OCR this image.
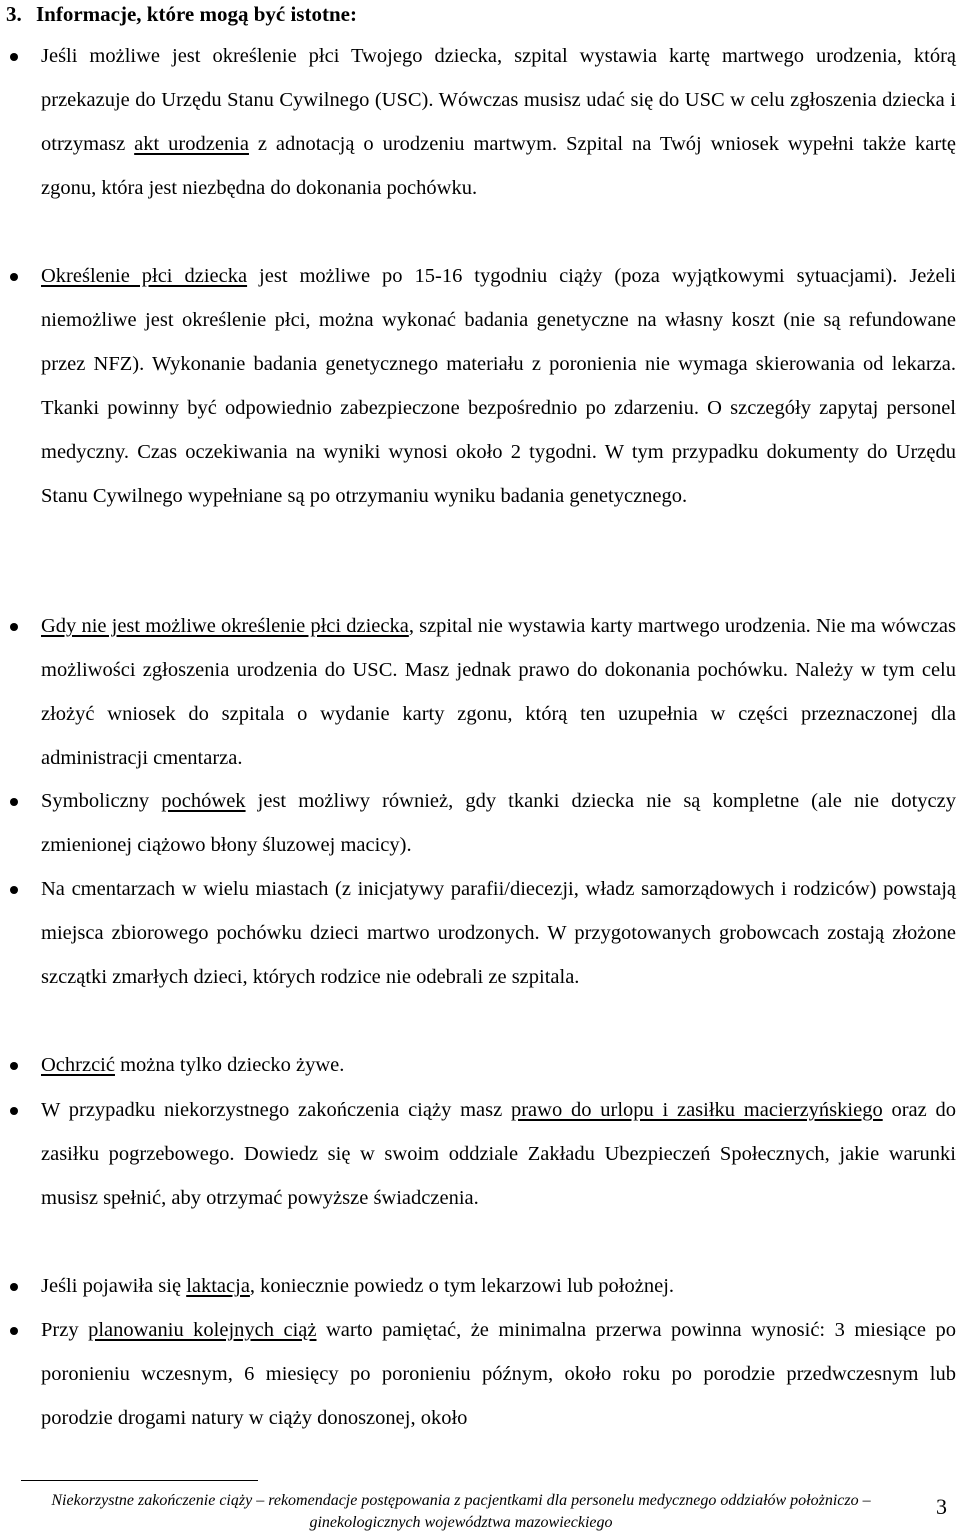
3. Informacje, które mogą być istotne:
Jeśli możliwe jest określenie płci Twojego dziecka, szpital wystawia kartę martwego urodzenia, którą przekazuje do Urzędu Stanu Cywilnego (USC). Wówczas musisz udać się do USC w celu zgłoszenia dziecka i otrzymasz akt urodzenia z adnotacją o urodzeniu martwym. Szpital na Twój wniosek wypełni także kartę zgonu, która jest niezbędna do dokonania pochówku.
Określenie płci dziecka jest możliwe po 15-16 tygodniu ciąży (poza wyjątkowymi sytuacjami). Jeżeli niemożliwe jest określenie płci, można wykonać badania genetyczne na własny koszt (nie są refundowane przez NFZ). Wykonanie badania genetycznego materiału z poronienia nie wymaga skierowania od lekarza. Tkanki powinny być odpowiednio zabezpieczone bezpośrednio po zdarzeniu. O szczegóły zapytaj personel medyczny. Czas oczekiwania na wyniki wynosi około 2 tygodni. W tym przypadku dokumenty do Urzędu Stanu Cywilnego wypełniane są po otrzymaniu wyniku badania genetycznego.
Gdy nie jest możliwe określenie płci dziecka, szpital nie wystawia karty martwego urodzenia. Nie ma wówczas możliwości zgłoszenia urodzenia do USC. Masz jednak prawo do dokonania pochówku. Należy w tym celu złożyć wniosek do szpitala o wydanie karty zgonu, którą ten uzupełnia w części przeznaczonej dla administracji cmentarza.
Symboliczny pochówek jest możliwy również, gdy tkanki dziecka nie są kompletne (ale nie dotyczy zmienionej ciążowo błony śluzowej macicy).
Na cmentarzach w wielu miastach (z inicjatywy parafii/diecezji, władz samorządowych i rodziców) powstają miejsca zbiorowego pochówku dzieci martwo urodzonych. W przygotowanych grobowcach zostają złożone szczątki zmarłych dzieci, których rodzice nie odebrali ze szpitala.
Ochrzcić można tylko dziecko żywe.
W przypadku niekorzystnego zakończenia ciąży masz prawo do urlopu i zasiłku macierzyńskiego oraz do zasiłku pogrzebowego. Dowiedz się w swoim oddziale Zakładu Ubezpieczeń Społecznych, jakie warunki musisz spełnić, aby otrzymać powyższe świadczenia.
Jeśli pojawiła się laktacja, koniecznie powiedz o tym lekarzowi lub położnej.
Przy planowaniu kolejnych ciąż warto pamiętać, że minimalna przerwa powinna wynosić: 3 miesiące po poronieniu wczesnym, 6 miesięcy po poronieniu późnym, około roku po porodzie przedwczesnym lub porodzie drogami natury w ciąży donoszonej, około
Niekorzystne zakończenie ciąży – rekomendacje postępowania z pacjentkami dla personelu medycznego oddziałów położniczo – ginekologicznych województwa mazowieckiego
3
